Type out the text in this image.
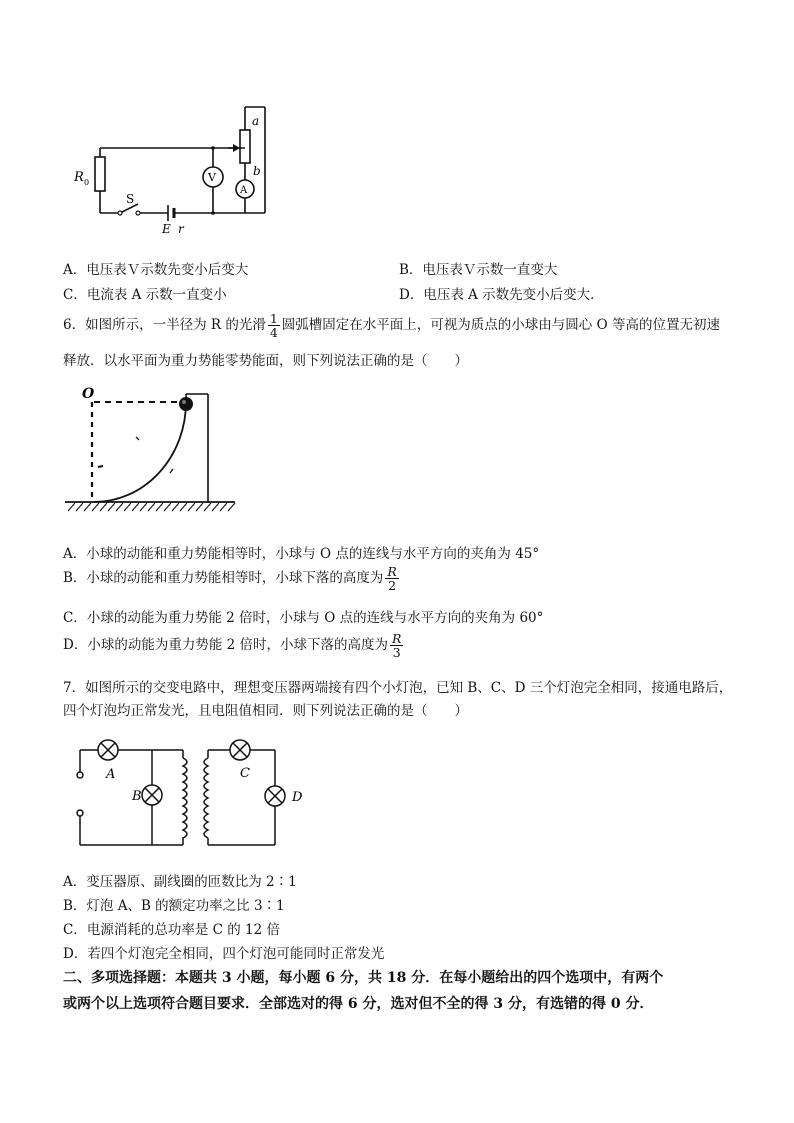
R 0
S
E r
V
A
a
b
A．电压表Ｖ示数先变小后变大	B．电压表Ｖ示数一直变大
C．电流表 A 示数一直变小	D．电压表 A 示数先变小后变大．
6．如图所示，一半径为 R 的光滑 $\frac{1}{4}$ 圆弧槽固定在水平面上，可视为质点的小球由与圆心 O 等高的位置无初速
释放．以水平面为重力势能零势能面，则下列说法正确的是（　　）
O
A．小球的动能和重力势能相等时，小球与 O 点的连线与水平方向的夹角为 45°
B．小球的动能和重力势能相等时，小球下落的高度为 $\frac{R}{2}$
C．小球的动能为重力势能 2 倍时，小球与 O 点的连线与水平方向的夹角为 60°
D．小球的动能为重力势能 2 倍时，小球下落的高度为 $\frac{R}{3}$
7．如图所示的交变电路中，理想变压器两端接有四个小灯泡，已知 B、C、D 三个灯泡完全相同，接通电路后，
四个灯泡均正常发光，且电阻值相同．则下列说法正确的是（　　）
A
B
C
D
A．变压器原、副线圈的匝数比为 2∶1
B．灯泡 A、B 的额定功率之比 3∶1
C．电源消耗的总功率是 C 的 12 倍
D．若四个灯泡完全相同，四个灯泡可能同时正常发光
二、多项选择题：本题共 3 小题，每小题 6 分，共 18 分．在每小题给出的四个选项中，有两个
或两个以上选项符合题目要求．全部选对的得 6 分，选对但不全的得 3 分，有选错的得 0 分．
